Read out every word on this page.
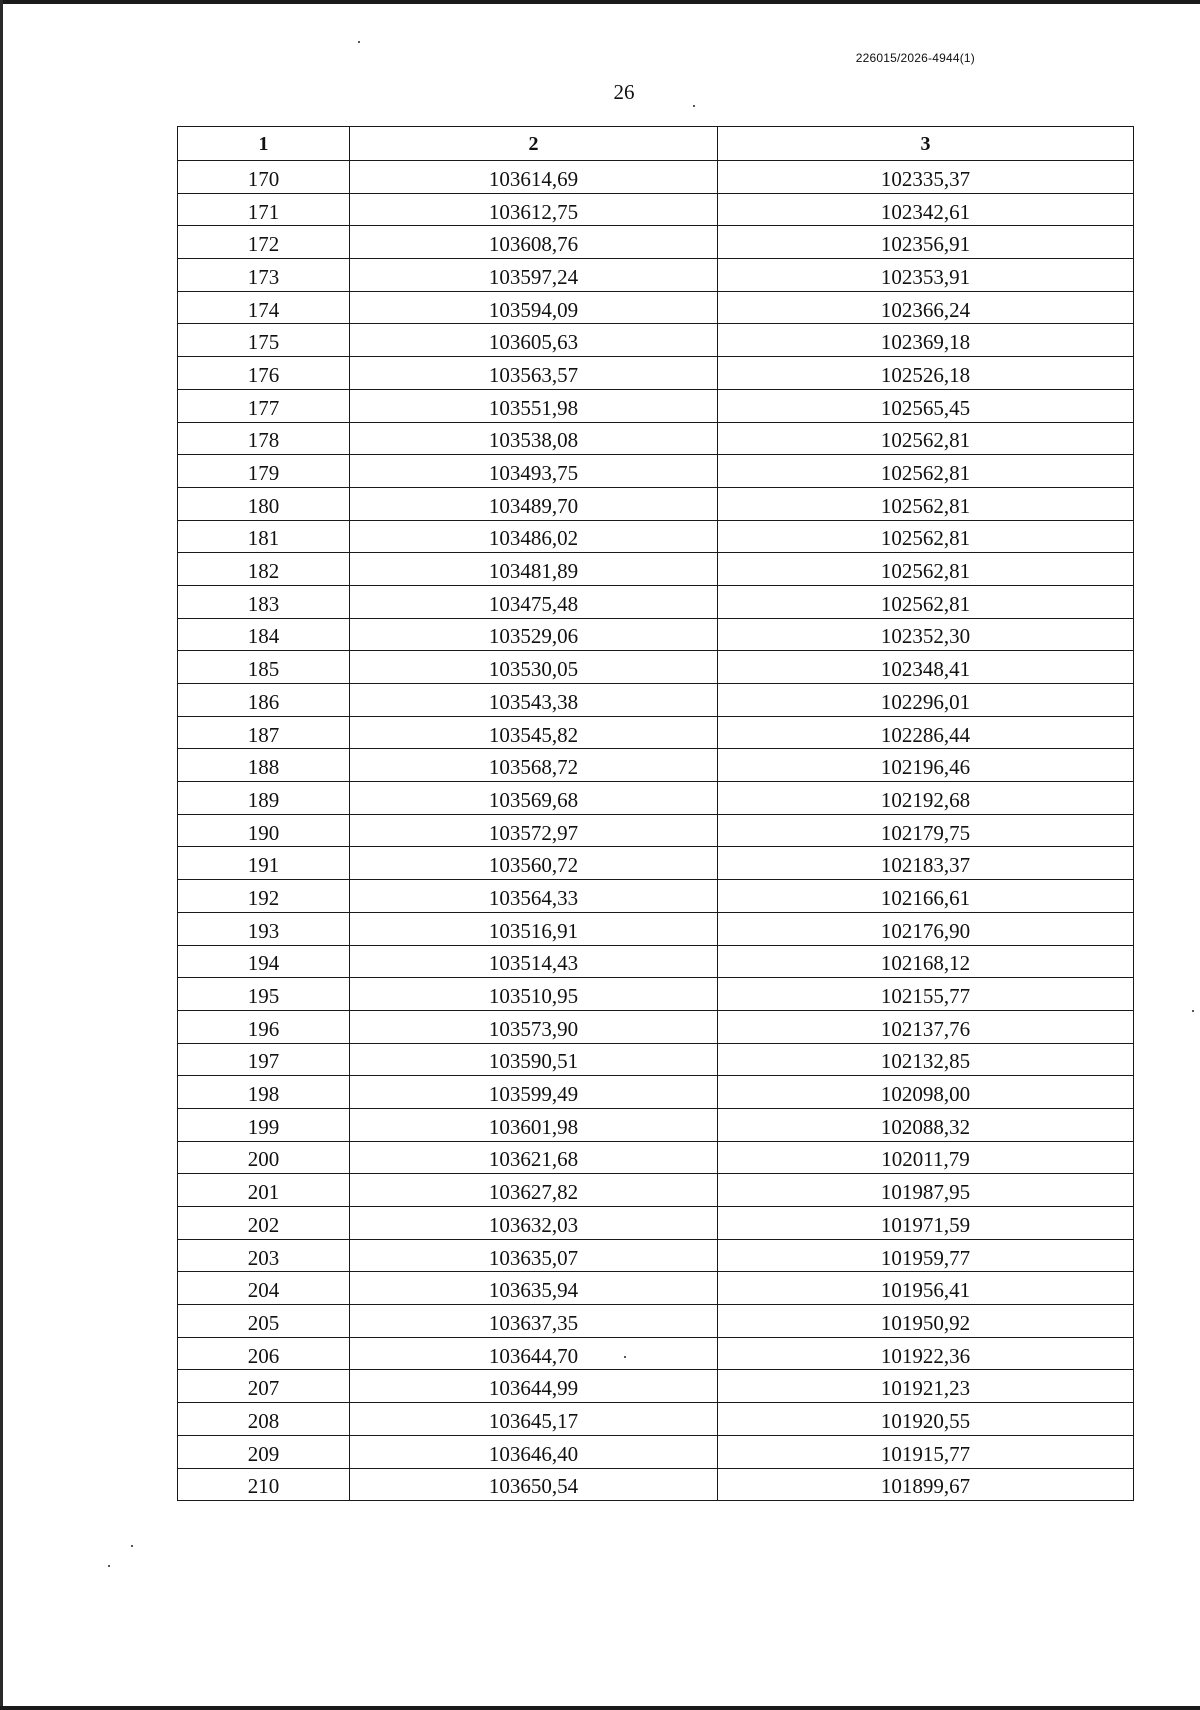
226015/2026-4944(1)
26
1	2	3
170	103614,69	102335,37
171	103612,75	102342,61
172	103608,76	102356,91
173	103597,24	102353,91
174	103594,09	102366,24
175	103605,63	102369,18
176	103563,57	102526,18
177	103551,98	102565,45
178	103538,08	102562,81
179	103493,75	102562,81
180	103489,70	102562,81
181	103486,02	102562,81
182	103481,89	102562,81
183	103475,48	102562,81
184	103529,06	102352,30
185	103530,05	102348,41
186	103543,38	102296,01
187	103545,82	102286,44
188	103568,72	102196,46
189	103569,68	102192,68
190	103572,97	102179,75
191	103560,72	102183,37
192	103564,33	102166,61
193	103516,91	102176,90
194	103514,43	102168,12
195	103510,95	102155,77
196	103573,90	102137,76
197	103590,51	102132,85
198	103599,49	102098,00
199	103601,98	102088,32
200	103621,68	102011,79
201	103627,82	101987,95
202	103632,03	101971,59
203	103635,07	101959,77
204	103635,94	101956,41
205	103637,35	101950,92
206	103644,70	101922,36
207	103644,99	101921,23
208	103645,17	101920,55
209	103646,40	101915,77
210	103650,54	101899,67
